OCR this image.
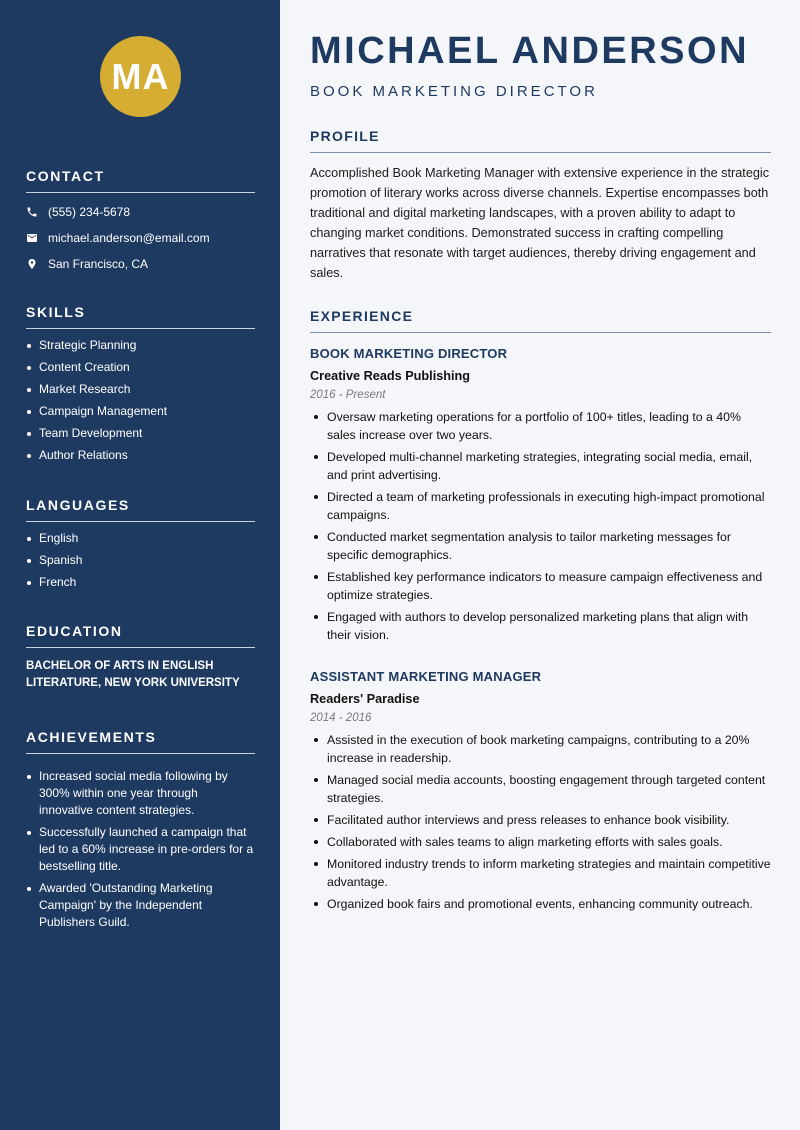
MA
CONTACT
(555) 234-5678
michael.anderson@email.com
San Francisco, CA
SKILLS
Strategic Planning
Content Creation
Market Research
Campaign Management
Team Development
Author Relations
LANGUAGES
English
Spanish
French
EDUCATION

BACHELOR OF ARTS IN ENGLISH LITERATURE, NEW YORK UNIVERSITY

ACHIEVEMENTS
Increased social media following by 300% within one year through innovative content strategies.
Successfully launched a campaign that led to a 60% increase in pre-orders for a bestselling title.
Awarded 'Outstanding Marketing Campaign' by the Independent Publishers Guild.
MICHAEL ANDERSON
BOOK MARKETING DIRECTOR
PROFILE

Accomplished Book Marketing Manager with extensive experience in the strategic promotion of literary works across diverse channels. Expertise encompasses both traditional and digital marketing landscapes, with a proven ability to adapt to changing market conditions. Demonstrated success in crafting compelling narratives that resonate with target audiences, thereby driving engagement and sales.

EXPERIENCE
BOOK MARKETING DIRECTOR
Creative Reads Publishing
2016 - Present
Oversaw marketing operations for a portfolio of 100+ titles, leading to a 40% sales increase over two years.
Developed multi-channel marketing strategies, integrating social media, email, and print advertising.
Directed a team of marketing professionals in executing high-impact promotional campaigns.
Conducted market segmentation analysis to tailor marketing messages for specific demographics.
Established key performance indicators to measure campaign effectiveness and optimize strategies.
Engaged with authors to develop personalized marketing plans that align with their vision.
ASSISTANT MARKETING MANAGER
Readers' Paradise
2014 - 2016
Assisted in the execution of book marketing campaigns, contributing to a 20% increase in readership.
Managed social media accounts, boosting engagement through targeted content strategies.
Facilitated author interviews and press releases to enhance book visibility.
Collaborated with sales teams to align marketing efforts with sales goals.
Monitored industry trends to inform marketing strategies and maintain competitive advantage.
Organized book fairs and promotional events, enhancing community outreach.
